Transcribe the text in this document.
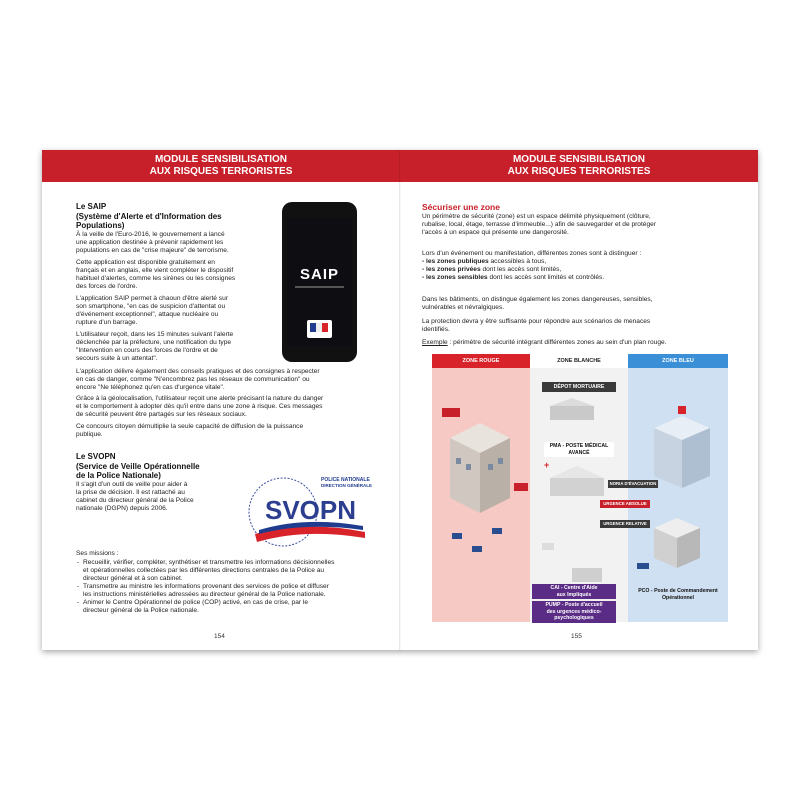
MODULE SENSIBILISATION
AUX RISQUES TERRORISTES
Le SAIP
(Système d'Alerte et d'Information des
Populations)
À la veille de l'Euro-2016, le gouvernement a lancé
une application destinée à prévenir rapidement les
populations en cas de "crise majeure" de terrorisme.
Cette application est disponible gratuitement en
français et en anglais, elle vient compléter le dispositif
habituel d'alertes, comme les sirènes ou les consignes
des forces de l'ordre.
L'application SAIP permet à chaoun d'être alerté sur
son smartphone, "en cas de suspicion d'attentat ou
d'événement exceptionnel", attaque nucléaire ou
rupture d'un barrage.
L'utilisateur reçoit, dans les 15 minutes suivant l'alerte
déclenchée par la préfecture, une notification du type
"Intervention en cours des forces de l'ordre et de
secours suite à un attentat".
L'application délivre également des conseils pratiques et des consignes à respecter
en cas de danger, comme "N'encombrez pas les réseaux de communication" ou
encore "Ne téléphonez qu'en cas d'urgence vitale".
Grâce à la géolocalisation, l'utilisateur reçoit une alerte précisant la nature du danger
et le comportement à adopter dès qu'il entre dans une zone à risque. Ces messages
de sécurité peuvent être partagés sur les réseaux sociaux.
Ce concours citoyen démultiplie la seule capacité de diffusion de la puissance
publique.
SAIP
Le SVOPN
(Service de Veille Opérationnelle
de la Police Nationale)
Il s'agit d'un outil de veille pour aider à
la prise de décision. Il est rattaché au
cabinet du directeur général de la Police
nationale (DGPN) depuis 2006.	SVOPN
POLICE NATIONALE
DIRECTION GÉNÉRALE
Ses missions :
- Recueillir, vérifier, compléter, synthétiser et transmettre les informations décisionnelles
et opérationnelles collectées par les différentes directions centrales de la Police au
directeur général et à son cabinet.
- Transmettre au ministre les informations provenant des services de police et diffuser
les instructions ministérielles adressées au directeur général de la Police nationale.
- Animer le Centre Opérationnel de police (COP) activé, en cas de crise, par le
directeur général de la Police nationale.
154
MODULE SENSIBILISATION
AUX RISQUES TERRORISTES
Sécuriser une zone
Un périmètre de sécurité (zone) est un espace délimité physiquement (clôture,
rubalise, local, étage, terrasse d'immeuble...) afin de sauvegarder et de protéger
l'accès à un espace qui présente une dangerosité.
Lors d'un événement ou manifestation, différentes zones sont à distinguer :
- les zones publiques accessibles à tous,
- les zones privées dont les accès sont limités,
- les zones sensibles dont les accès sont limités et contrôlés.
Dans les bâtiments, on distingue également les zones dangereuses, sensibles,
vulnérables et névralgiques.
La protection devra y être suffisante pour répondre aux scénarios de menaces
identifiés.
Exemple : périmètre de sécurité intégrant différentes zones au sein d'un plan rouge.
ZONE ROUGE	ZONE BLANCHE	ZONE BLEU
+
DÉPOT MORTUAIRE
PMA - POSTE MÉDICAL
AVANCÉ
NORIA D'ÉVACUATION
URGENCE ABSOLUE
URGENCE RELATIVE
CAI - Centre d'Aide
aux Impliqués
PUMP - Poste d'accueil
des urgences médico-
psychologiques
PCO - Poste de Commandement
Opérationnel
155
